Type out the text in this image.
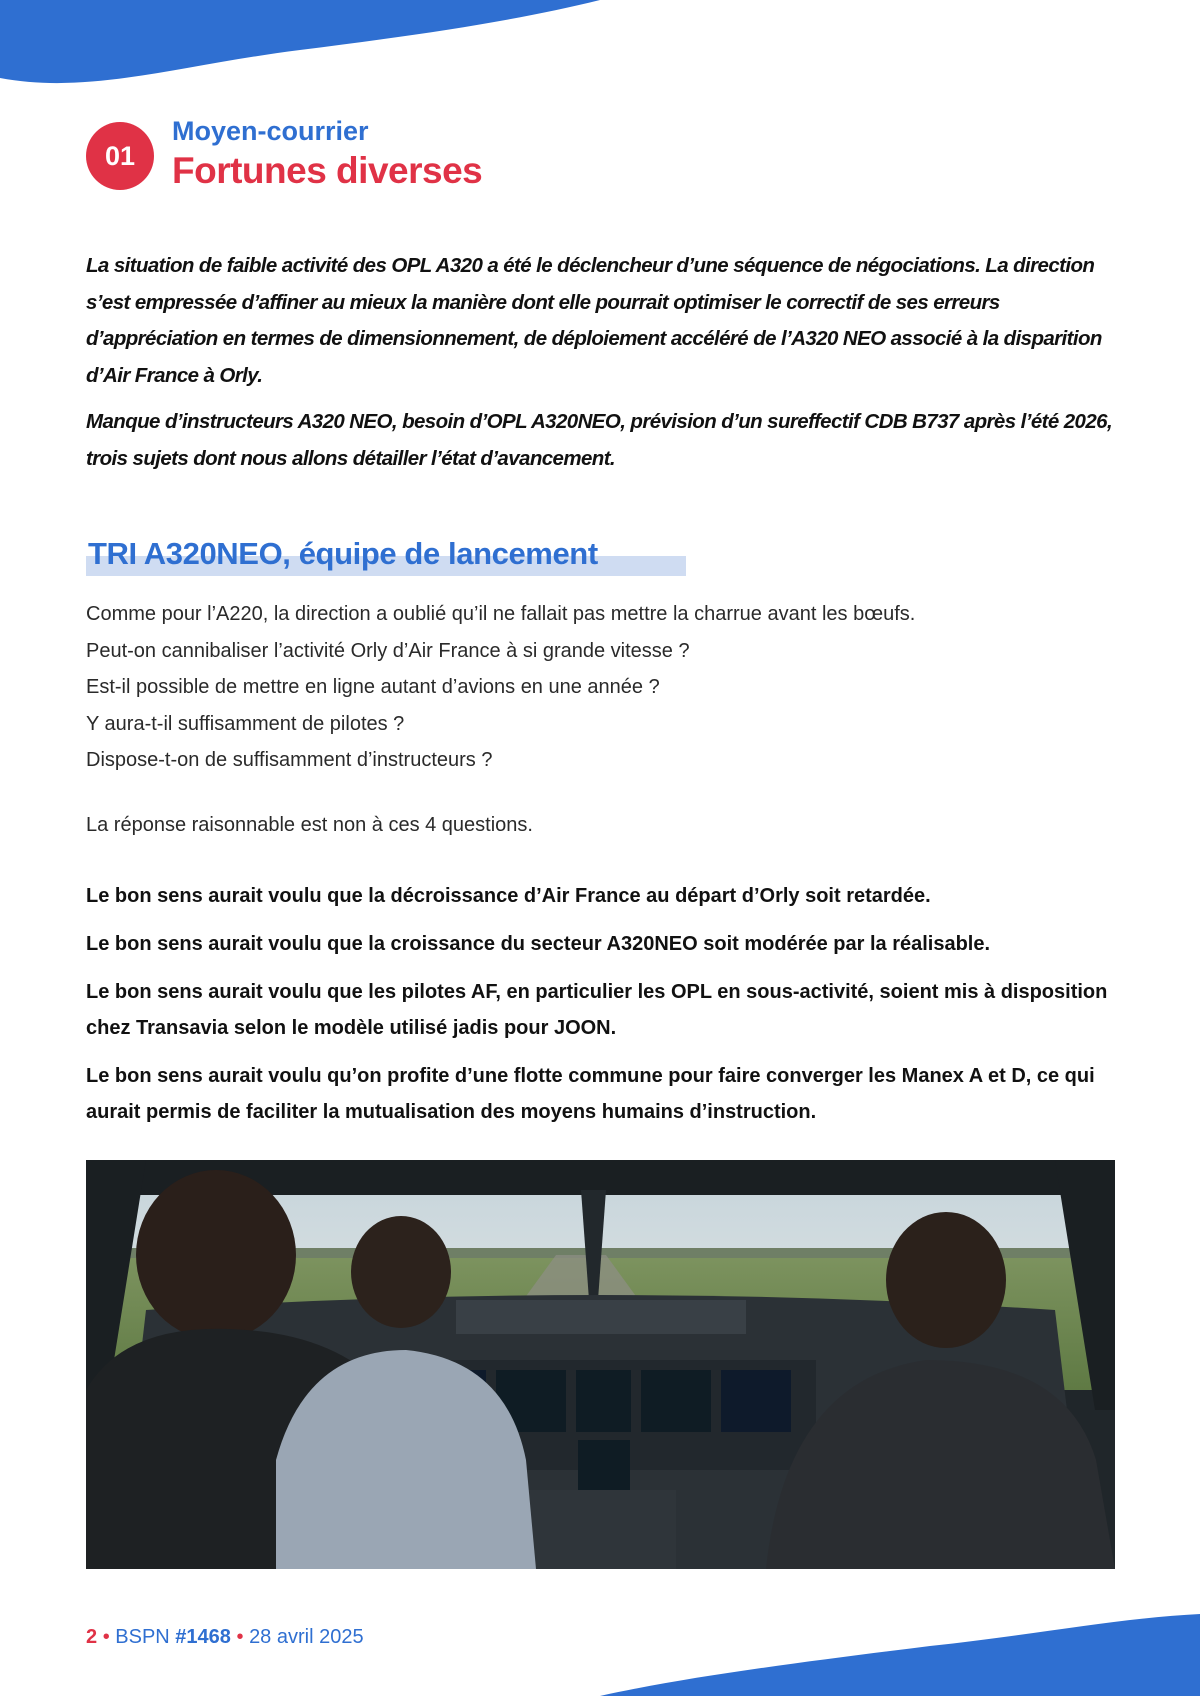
01
Moyen-courrier
Fortunes diverses

La situation de faible activité des OPL A320 a été le déclencheur d’une séquence de négociations. La direction s’est empressée d’affiner au mieux la manière dont elle pourrait optimiser le correctif de ses erreurs d’appréciation en termes de dimensionnement, de déploiement accéléré de l’A320 NEO associé à la disparition d’Air France à Orly.

Manque d’instructeurs A320 NEO, besoin d’OPL A320NEO, prévision d’un sureffectif CDB B737 après l’été 2026, trois sujets dont nous allons détailler l’état d’avancement.

TRI A320NEO, équipe de lancement
Comme pour l’A220, la direction a oublié qu’il ne fallait pas mettre la charrue avant les bœufs.
Peut-on cannibaliser l’activité Orly d’Air France à si grande vitesse ?
Est-il possible de mettre en ligne autant d’avions en une année ?
Y aura-t-il suffisamment de pilotes ?
Dispose-t-on de suffisamment d’instructeurs ?
La réponse raisonnable est non à ces 4 questions.

Le bon sens aurait voulu que la décroissance d’Air France au départ d’Orly soit retardée.

Le bon sens aurait voulu que la croissance du secteur A320NEO soit modérée par la réalisable.

Le bon sens aurait voulu que les pilotes AF, en particulier les OPL en sous-activité, soient mis à disposition chez Transavia selon le modèle utilisé jadis pour JOON.

Le bon sens aurait voulu qu’on profite d’une flotte commune pour faire converger les Manex A et D, ce qui aurait permis de faciliter la mutualisation des moyens humains d’instruction.

2 • BSPN #1468 • 28 avril 2025
